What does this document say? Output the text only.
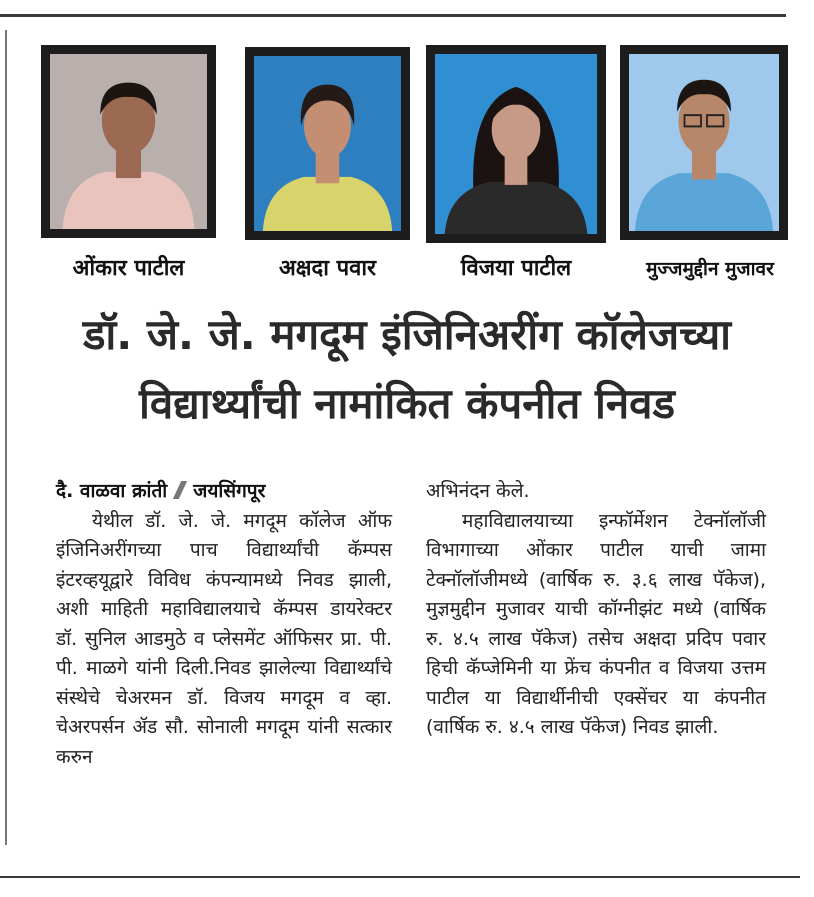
ओंकार पाटील	अक्षदा पवार	विजया पाटील	मुज्जमुद्दीन मुजावर
डॉ. जे. जे. मगदूम इंजिनिअरींग कॉलेजच्या
विद्यार्थ्यांची नामांकित कंपनीत निवड
दै. वाळवा क्रांती जयसिंगपूर

येथील डॉ. जे. जे. मगदूम कॉलेज ऑफ इंजिनिअरींगच्या पाच विद्यार्थ्यांची कॅम्पस इंटरव्हयूद्वारे विविध कंपन्यामध्ये निवड झाली, अशी माहिती महाविद्यालयाचे कॅम्पस डायरेक्टर डॉ. सुनिल आडमुठे व प्लेसमेंट ऑफिसर प्रा. पी. पी. माळगे यांनी दिली.निवड झालेल्या विद्यार्थ्यांचे संस्थेचे चेअरमन डॉ. विजय मगदूम व व्हा. चेअरपर्सन ॲड सौ. सोनाली मगदूम यांनी सत्कार करुन

अभिनंदन केले.

महाविद्यालयाच्या इन्फॉर्मेशन टेक्नॉलॉजी विभागाच्या ओंकार पाटील याची जामा टेक्नॉलॉजीमध्ये (वार्षिक रु. ३.६ लाख पॅकेज), मुज्ञमुद्दीन मुजावर याची कॉग्नीझंट मध्ये (वार्षिक रु. ४.५ लाख पॅकेज) तसेच अक्षदा प्रदिप पवार हिची कॅप्जेमिनी या फ्रेंच कंपनीत व विजया उत्तम पाटील या विद्यार्थीनीची एक्सेंचर या कंपनीत (वार्षिक रु. ४.५ लाख पॅकेज) निवड झाली.
